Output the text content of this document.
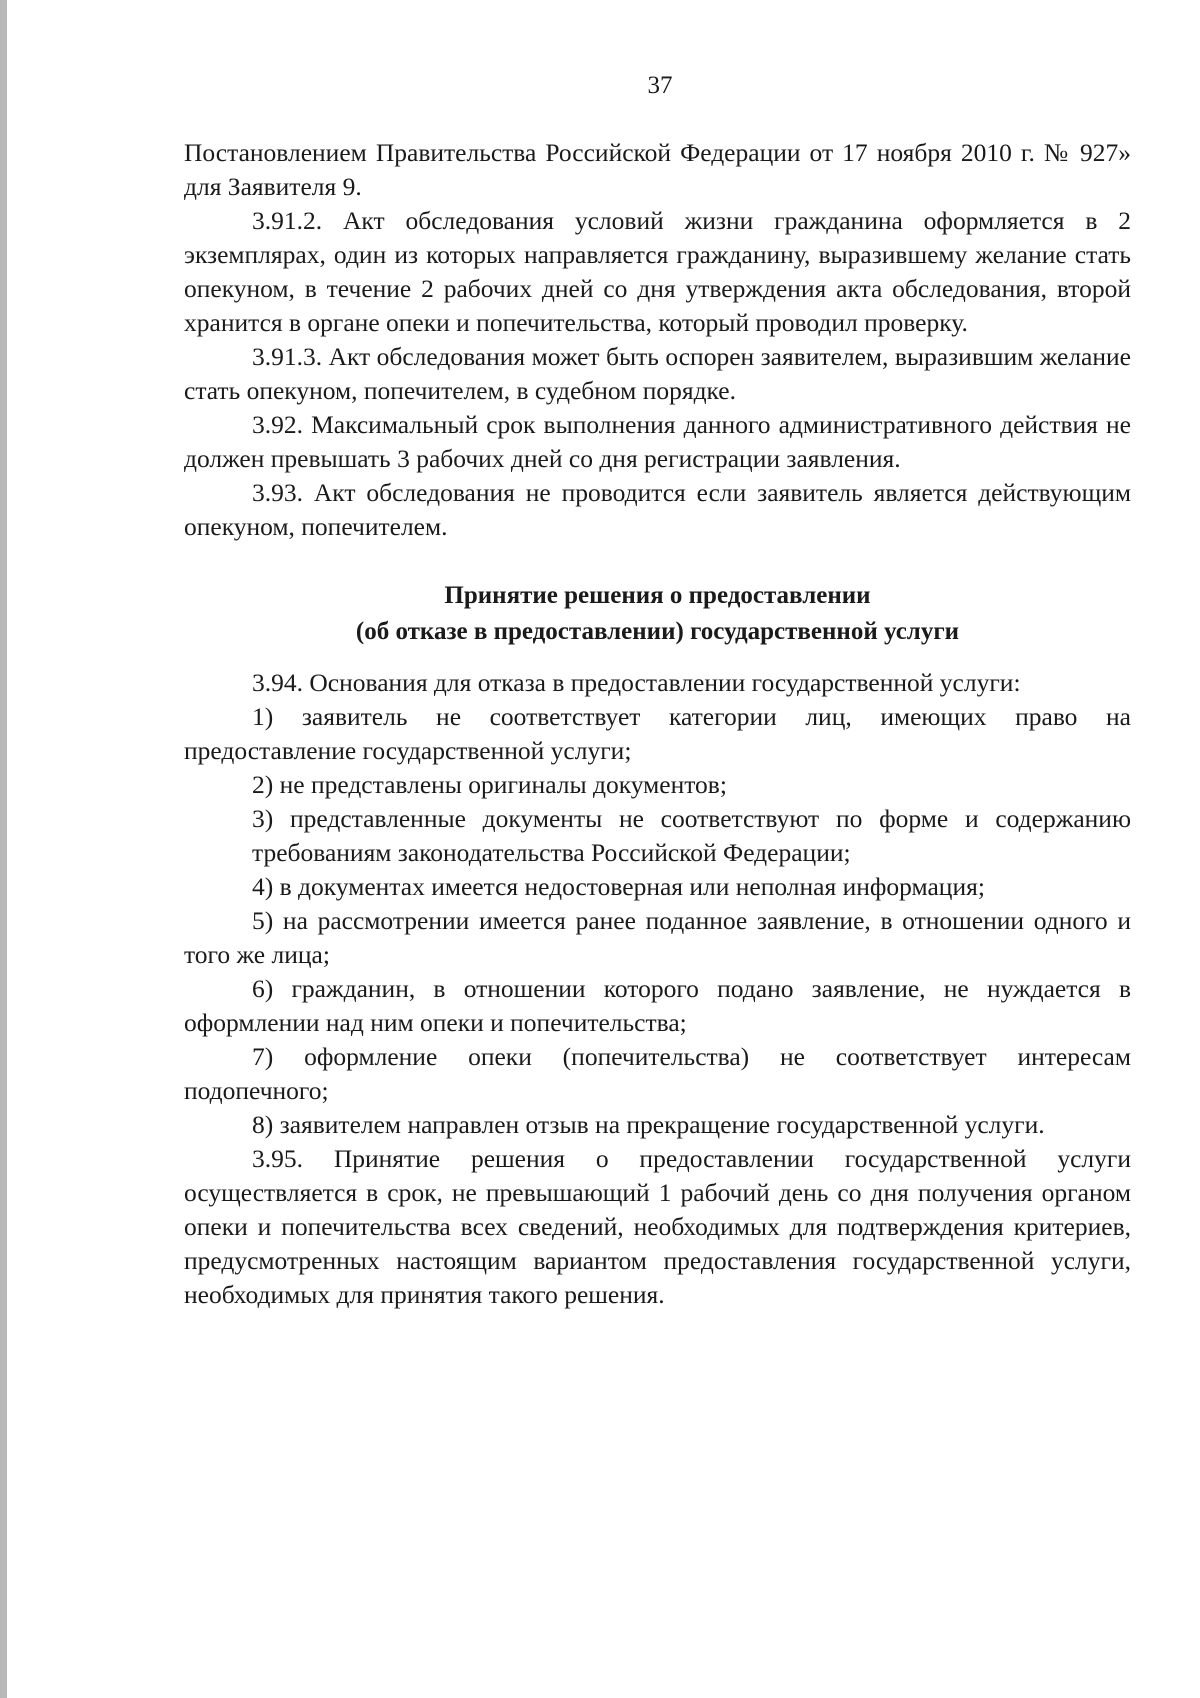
37

Постановлением Правительства Российской Федерации от 17 ноября 2010 г. № 927» для Заявителя 9.

3.91.2. Акт обследования условий жизни гражданина оформляется в 2 экземплярах, один из которых направляется гражданину, выразившему желание стать опекуном, в течение 2 рабочих дней со дня утверждения акта обследования, второй хранится в органе опеки и попечительства, который проводил проверку.

3.91.3. Акт обследования может быть оспорен заявителем, выразившим желание стать опекуном, попечителем, в судебном порядке.

3.92. Максимальный срок выполнения данного административного действия не должен превышать 3 рабочих дней со дня регистрации заявления.

3.93. Акт обследования не проводится если заявитель является действующим опекуном, попечителем.

Принятие решения о предоставлении
(об отказе в предоставлении) государственной услуги

3.94. Основания для отказа в предоставлении государственной услуги:

1) заявитель не соответствует категории лиц, имеющих право на предоставление государственной услуги;

2) не представлены оригиналы документов;

3) представленные документы не соответствуют по форме и содержанию требованиям законодательства Российской Федерации;

4) в документах имеется недостоверная или неполная информация;

5) на рассмотрении имеется ранее поданное заявление, в отношении одного и того же лица;

6) гражданин, в отношении которого подано заявление, не нуждается в оформлении над ним опеки и попечительства;

7) оформление опеки (попечительства) не соответствует интересам подопечного;

8) заявителем направлен отзыв на прекращение государственной услуги.

3.95. Принятие решения о предоставлении государственной услуги осуществляется в срок, не превышающий 1 рабочий день со дня получения органом опеки и попечительства всех сведений, необходимых для подтверждения критериев, предусмотренных настоящим вариантом предоставления государственной услуги, необходимых для принятия такого решения.
